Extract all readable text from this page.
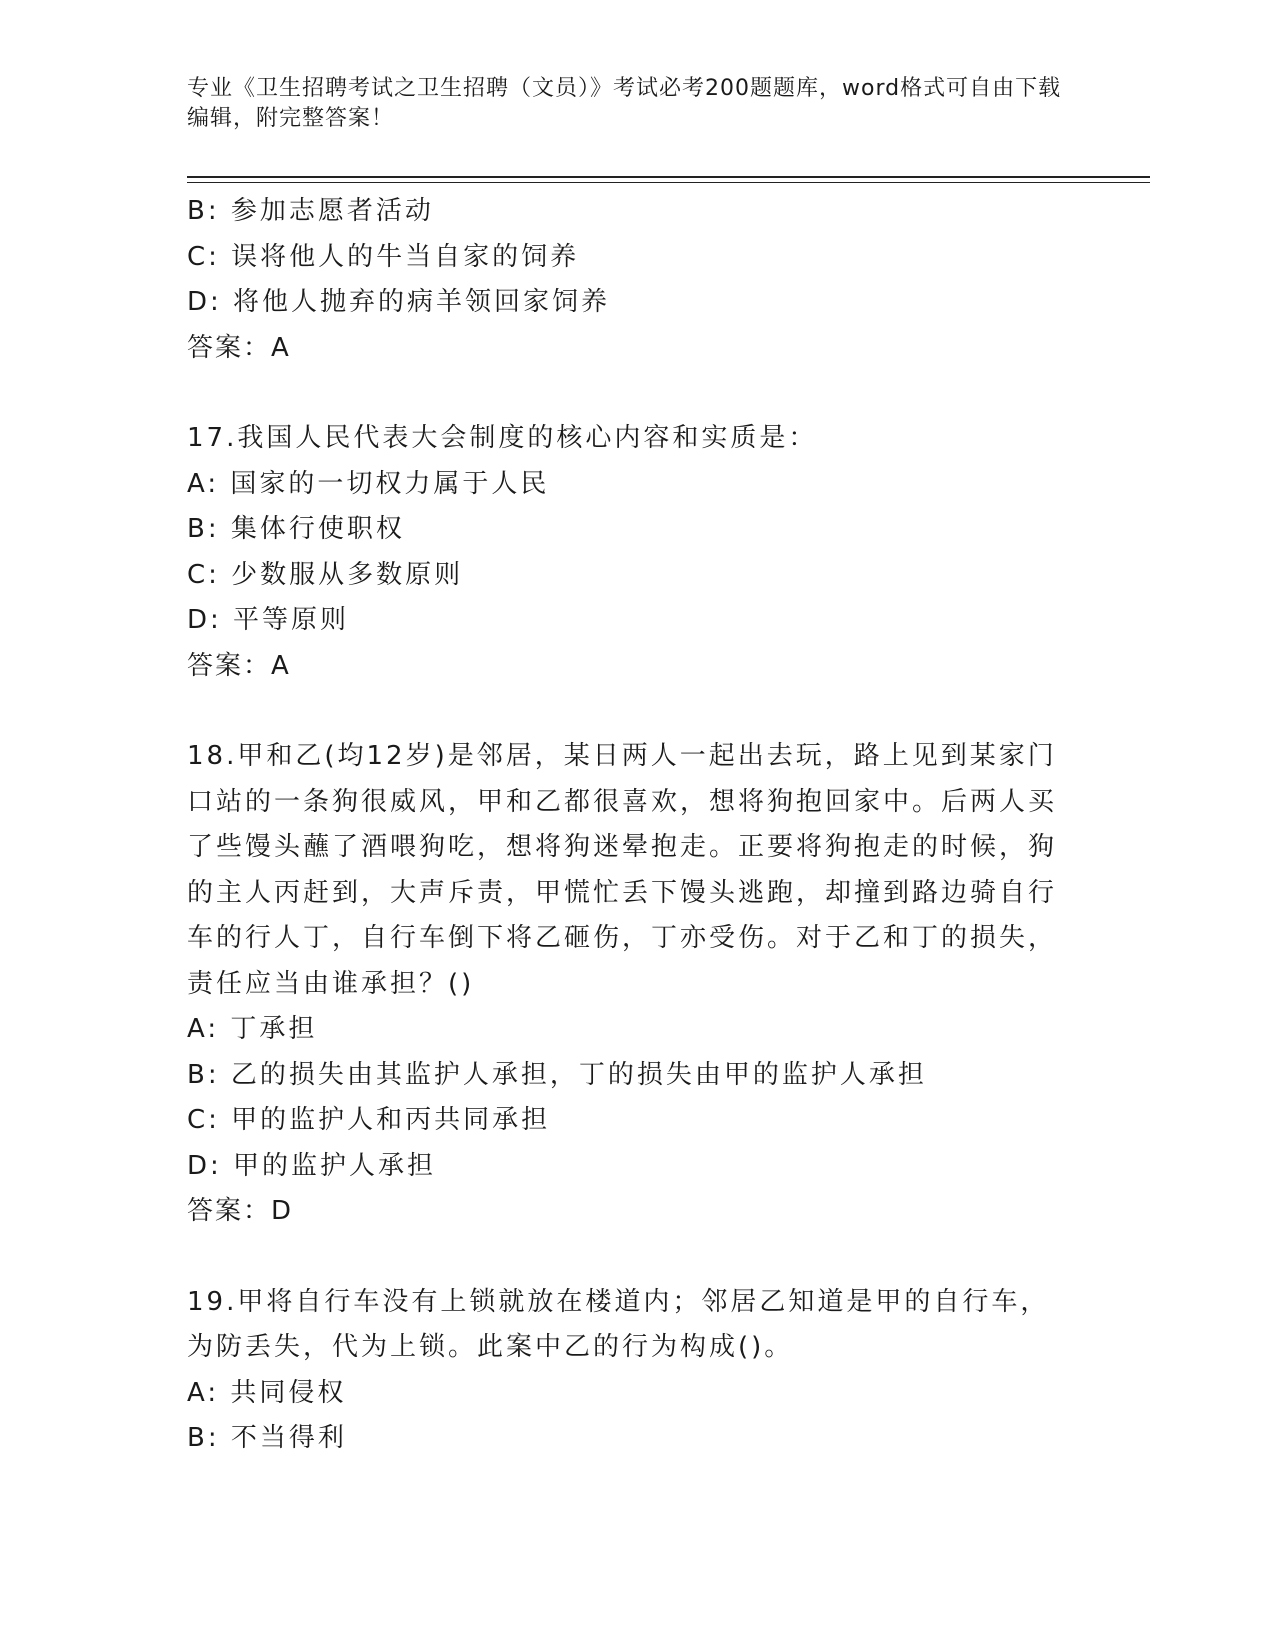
专业《卫生招聘考试之卫生招聘（文员）》考试必考200题题库，word格式可自由下载编辑，附完整答案！
B: 参加志愿者活动
C: 误将他人的牛当自家的饲养
D: 将他人抛弃的病羊领回家饲养
答案：A
17.我国人民代表大会制度的核心内容和实质是：
A: 国家的一切权力属于人民
B: 集体行使职权
C: 少数服从多数原则
D: 平等原则
答案：A
18.甲和乙(均12岁)是邻居，某日两人一起出去玩，路上见到某家门口站的一条狗很威风，甲和乙都很喜欢，想将狗抱回家中。后两人买了些馒头蘸了酒喂狗吃，想将狗迷晕抱走。正要将狗抱走的时候，狗的主人丙赶到，大声斥责，甲慌忙丢下馒头逃跑，却撞到路边骑自行车的行人丁，自行车倒下将乙砸伤，丁亦受伤。对于乙和丁的损失，责任应当由谁承担？()
A: 丁承担
B: 乙的损失由其监护人承担，丁的损失由甲的监护人承担
C: 甲的监护人和丙共同承担
D: 甲的监护人承担
答案：D
19.甲将自行车没有上锁就放在楼道内；邻居乙知道是甲的自行车，为防丢失，代为上锁。此案中乙的行为构成()。
A: 共同侵权
B: 不当得利
